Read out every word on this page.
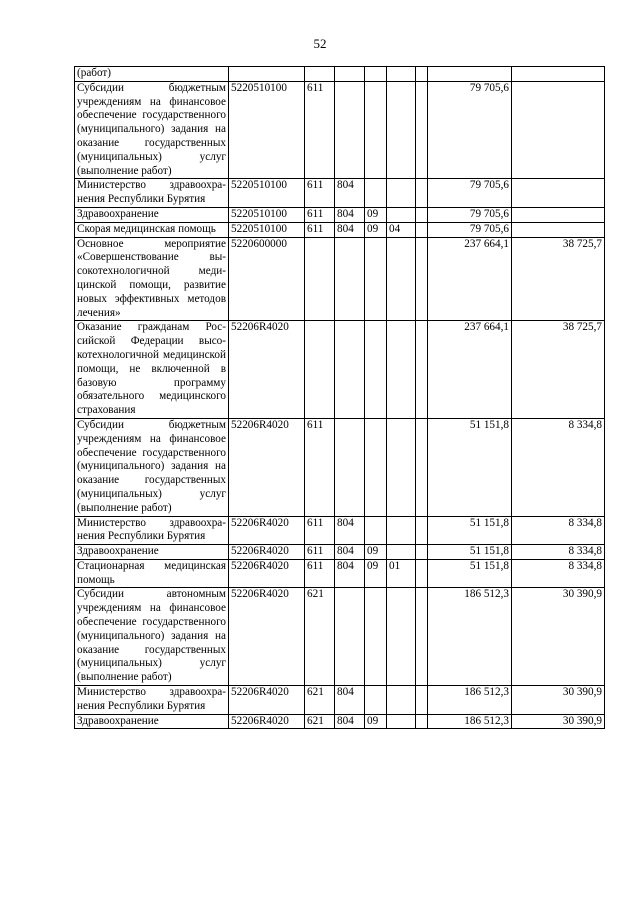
52
(работ)								
Субсидии бюджетным учреждениям на финансовое обеспечение государственного (муниципального) задания на оказание государственных (муниципальных) услуг (выполнение работ)	5220510100	611					79 705,6	
Министерство здравоохранения Республики Бурятия	5220510100	611	804				79 705,6	
Здравоохранение	5220510100	611	804	09			79 705,6	
Скорая медицинская помощь	5220510100	611	804	09	04		79 705,6	
Основное мероприятие «Совершенствование высокотехнологичной медицинской помощи, развитие новых эффективных методов лечения»	5220600000						237 664,1	38 725,7
Оказание гражданам Российской Федерации высокотехнологичной медицинской помощи, не включенной в базовую программу обязательного медицинского страхования	52206R4020						237 664,1	38 725,7
Субсидии бюджетным учреждениям на финансовое обеспечение государственного (муниципального) задания на оказание государственных (муниципальных) услуг (выполнение работ)	52206R4020	611					51 151,8	8 334,8
Министерство здравоохранения Республики Бурятия	52206R4020	611	804				51 151,8	8 334,8
Здравоохранение	52206R4020	611	804	09			51 151,8	8 334,8
Стационарная медицинская помощь	52206R4020	611	804	09	01		51 151,8	8 334,8
Субсидии автономным учреждениям на финансовое обеспечение государственного (муниципального) задания на оказание государственных (муниципальных) услуг (выполнение работ)	52206R4020	621					186 512,3	30 390,9
Министерство здравоохранения Республики Бурятия	52206R4020	621	804				186 512,3	30 390,9
Здравоохранение	52206R4020	621	804	09			186 512,3	30 390,9
